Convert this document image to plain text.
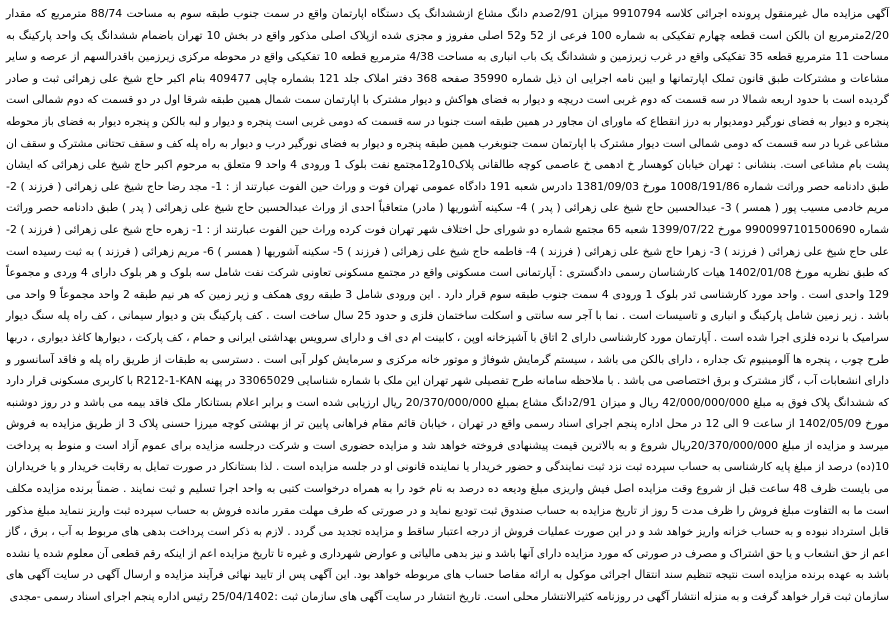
آگهی مزایده مال غیرمنقول پرونده اجرائی کلاسه 9910794 میزان 2/91صدم دانگ مشاع ازششدانگ یک دستگاه اپارتمان واقع در سمت جنوب طبقه سوم به مساحت 88/74 مترمربع که مقدار 2/20مترمربع ان بالکن است قطعه چهارم تفکیکی به شماره 100 فرعی از 52 و52 اصلی مفروز و مجزی شده ازپلاک اصلی مذکور واقع در بخش 10 تهران باضمام ششدانگ یک واحد پارکینگ به مساحت 11 مترمربع قطعه 35 تفکیکی واقع در غرب زیرزمین و ششدانگ یک باب انباری به مساحت 4/38 مترمربع قطعه 10 تفکیکی واقع در محوطه مرکزی زیرزمین باقدرالسهم از عرصه و سایر مشاعات و مشترکات طبق قانون تملک اپارتمانها و ایین نامه اجرایی ان ذیل شماره 35990 صفحه 368 دفتر املاک جلد 121 بشماره چاپی 409477 بنام اکبر حاج شیخ علی زهرائی ثبت و صادر گردیده است با حدود اربعه شمالا در سه قسمت که دوم غربی است دریچه و دیوار به فضای هواکش و دیوار مشترک با اپارتمان سمت شمال همین طبقه شرقا اول در دو قسمت که دوم شمالی است پنجره و دیوار به فضای نورگیر دومدیوار به درز انقطاع که ماورای ان مجاور در همین طبقه است جنوبا در سه قسمت که دومی غربی است پنجره و دیوار و لبه بالکن و پنجره دیوار به فضای باز محوطه مشاعی غربا در سه قسمت که دومی شمالی است دیوار مشترک با اپارتمان سمت جنوبغرب همین طبقه پنجره و دیوار به فضای نورگیر درب و دیوار به راه پله کف و سقف تحتانی مشترک و سقف ان پشت بام مشاعی است. بنشانی : تهران خیابان کوهسار خ ادهمی خ عاصمی کوچه طالقانی پلاک10و12مجتمع نفت بلوک 1 ورودی 4 واحد 9 متعلق به مرحوم اکبر حاج شیخ علی زهرائی که ایشان طبق دادنامه حصر وراثت شماره 1008/191/86 مورخ 1381/09/03 دادرس شعبه 191 دادگاه عمومی تهران فوت و وراث حین الفوت عبارتند از : 1- مجد رضا حاج شیخ علی زهرائی ( فرزند ) 2- مریم خادمی مسیب پور ( همسر ) 3- عبدالحسین حاج شیخ علی زهرائی ( پدر ) 4- سکینه آشوریها ( مادر) متعاقباً احدی از وراث عبدالحسین حاج شیخ علی زهرائی ( پدر ) طبق دادنامه حصر وراثت شماره 9900997101500690 مورخ 1399/07/22 شعبه 65 مجتمع شماره دو شورای حل اختلاف شهر تهران فوت کرده وراث حین الفوت عبارتند از : 1- زهره حاج شیخ علی زهرائی ( فرزند ) 2- علی حاج شیخ علی زهرائی ( فرزند ) 3- زهرا حاج شیخ علی زهرائی ( فرزند ) 4- فاطمه حاج شیخ علی زهرائی ( فرزند ) 5- سکینه آشوریها ( همسر ) 6- مریم زهرائی ( فرزند ) به ثبت رسیده است که طبق نظریه مورخ 1402/01/08 هیات کارشناسان رسمی دادگستری : آپارتمانی است مسکونی واقع در مجتمع مسکونی تعاونی شرکت نفت شامل سه بلوک و هر بلوک دارای 4 وردی و مجموعاً 129 واحدی است . واحد مورد کارشناسی ئدر بلوک 1 ورودی 4 سمت جنوب طبقه سوم قرار دارد . این ورودی شامل 3 طبقه روی همکف و زیر زمین که هر نیم طبقه 2 واحد مجموعاً 9 واحد می باشد . زیر زمین شامل پارکینگ و انباری و تاسیسات است . نما با آجر سه سانتی و اسکلت ساختمان فلزی و حدود 25 سال ساخت است . کف پارکینگ بتن و دیوار سیمانی ، کف راه پله سنگ دیوار سرامیک با نرده فلزی اجرا شده است . آپارتمان مورد کارشناسی دارای 2 اتاق با آشپزخانه اوپن ، کابینت ام دی اف و دارای سرویس بهداشتی ایرانی و حمام ، کف پارکت ، دیوارها کاغذ دیواری ، دربها طرح چوب ، پنجره ها آلومینیوم تک جداره ، دارای بالکن می باشد ، سیستم گرمایش شوفاژ و موتور خانه مرکزی و سرمایش کولر آبی است . دسترسی به طبقات از طریق راه پله و فاقد آسانسور و دارای انشعابات آب ، گاز مشترک و برق اختصاصی می باشد . با ملاحظه سامانه طرح تفصیلی شهر تهران این ملک با شماره شناسایی 33065029 در پهنه R212-1-KAN با کاربری مسکونی قرار دارد که ششدانگ پلاک فوق به مبلغ 42/000/000/000 ریال و میزان 2/91دانگ مشاع بمبلغ 20/370/000/000 ریال ارزیابی شده است و برابر اعلام بستانکار ملک فاقد بیمه می باشد و در روز دوشنبه مورخ 1402/05/09 از ساعت 9 الی 12 در محل اداره پنجم اجرای اسناد رسمی واقع در تهران ، خیابان قائم مقام فراهانی پایین تر از بهشتی کوچه میرزا حسنی پلاک 3 از طریق مزایده به فروش میرسد و مزایده از مبلغ 20/370/000/000ریال شروع و به بالاترین قیمت پیشنهادی فروخته خواهد شد و مزایده حضوری است و شرکت درجلسه مزایده برای عموم آزاد است و منوط به پرداخت 10(ده) درصد از مبلغ پایه کارشناسی به حساب سپرده ثبت نزد ثبت نمایندگی و حضور خریدار یا نماینده قانونی او در جلسه مزایده است . لذا بستانکار در صورت تمایل به رقابت خریدار و یا خریداران می بایست ظرف 48 ساعت قبل از شروع وقت مزایده اصل فیش واریزی مبلغ ودیعه ده درصد به نام خود را به همراه درخواست کتبی به واحد اجرا تسلیم و ثبت نمایند . ضمناً برنده مزایده مکلف است ما به التفاوت مبلغ فروش را ظرف مدت 5 روز از تاریخ مزایده به حساب صندوق ثبت تودیع نماید و در صورتی که طرف مهلت مقرر مانده فروش به حساب سپرده ثبت واریز ننماید مبلغ مذکور قابل استرداد نبوده و به حساب خزانه واریز خواهد شد و در این صورت عملیات فروش از درجه اعتبار ساقط و مزایده تجدید می گردد . لازم به ذکر است پرداخت بدهی های مربوط به آب ، برق ، گاز اعم از حق انشعاب و یا حق اشتراک و مصرف در صورتی که مورد مزایده دارای آنها باشد و نیز بدهی مالیاتی و عوارض شهرداری و غیره تا تاریخ مزایده اعم از اینکه رقم قطعی آن معلوم شده یا نشده باشد به عهده برنده مزایده است نتیجه تنظیم سند انتقال اجرائی موکول به ارائه مفاصا حساب های مربوطه خواهد بود. این آگهی پس از تایید نهائی فرآیند مزایده و ارسال آگهی در سایت آگهی های سازمان ثبت قرار خواهد گرفت و به منزله انتشار آگهی در روزنامه کثیرالانتشار محلی است. تاریخ انتشار در سایت آگهی های سازمان ثبت :25/04/1402 رئیس اداره پنجم اجرای اسناد رسمی -مجدی
